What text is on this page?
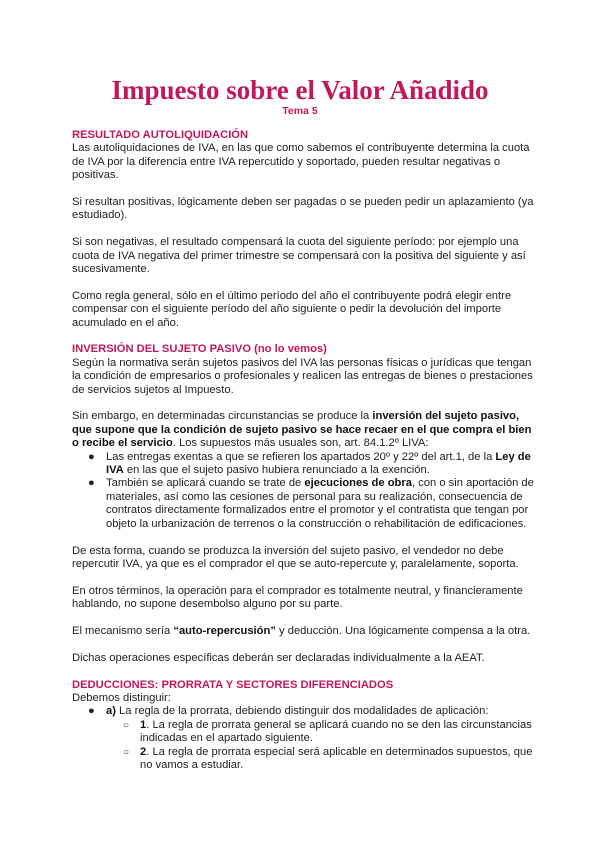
Impuesto sobre el Valor Añadido
Tema 5
RESULTADO AUTOLIQUIDACIÓN

Las autoliquidaciones de IVA, en las que como sabemos el contribuyente determina la cuota de IVA por la diferencia entre IVA repercutido y soportado, pueden resultar negativas o positivas.

Si resultan positivas, lógicamente deben ser pagadas o se pueden pedir un aplazamiento (ya estudiado).

Si son negativas, el resultado compensará la cuota del siguiente período: por ejemplo una cuota de IVA negativa del primer trimestre se compensará con la positiva del siguiente y así sucesivamente.

Como regla general, sólo en el último período del año el contribuyente podrá elegir entre compensar con el siguiente período del año siguiente o pedir la devolución del importe acumulado en el año.

INVERSIÓN DEL SUJETO PASIVO (no lo vemos)

Según la normativa serán sujetos pasivos del IVA las personas físicas o jurídicas que tengan la condición de empresarios o profesionales y realicen las entregas de bienes o prestaciones de servicios sujetos al Impuesto.

Sin embargo, en determinadas circunstancias se produce la inversión del sujeto pasivo, que supone que la condición de sujeto pasivo se hace recaer en el que compra el bien o recibe el servicio. Los supuestos más usuales son, art. 84.1.2º LIVA:

● Las entregas exentas a que se refieren los apartados 20º y 22º del art.1, de la Ley de IVA en las que el sujeto pasivo hubiera renunciado a la exención.
● También se aplicará cuando se trate de ejecuciones de obra, con o sin aportación de materiales, así como las cesiones de personal para su realización, consecuencia de contratos directamente formalizados entre el promotor y el contratista que tengan por objeto la urbanización de terrenos o la construcción o rehabilitación de edificaciones.

De esta forma, cuando se produzca la inversión del sujeto pasivo, el vendedor no debe repercutir IVA, ya que es el comprador el que se auto-repercute y, paralelamente, soporta.

En otros términos, la operación para el comprador es totalmente neutral, y financieramente hablando, no supone desembolso alguno por su parte.

El mecanismo sería “auto-repercusión” y deducción. Una lógicamente compensa a la otra.

Dichas operaciones específicas deberán ser declaradas individualmente a la AEAT.

DEDUCCIONES: PRORRATA Y SECTORES DIFERENCIADOS

Debemos distinguir:

● a) La regla de la prorrata, debiendo distinguir dos modalidades de aplicación:
○ 1. La regla de prorrata general se aplicará cuando no se den las circunstancias indicadas en el apartado siguiente.
○ 2. La regla de prorrata especial será aplicable en determinados supuestos, que no vamos a estudiar.
